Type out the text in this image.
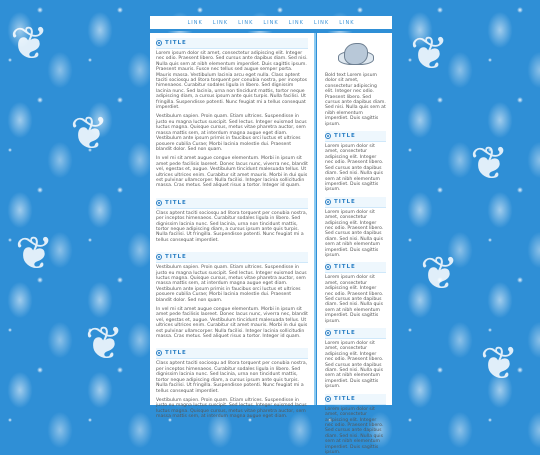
❦
❦
❦
❦
❦
❦
❦
❦
LINK LINK LINK LINK LINK LINK LINK
TITLE

Lorem ipsum dolor sit amet, consectetur adipiscing elit. Integer nec odio. Praesent libero. Sed cursus ante dapibus diam. Sed nisi. Nulla quis sem at nibh elementum imperdiet. Duis sagittis ipsum. Praesent mauris. Fusce nec tellus sed augue semper porta. Mauris massa. Vestibulum lacinia arcu eget nulla. Class aptent taciti sociosqu ad litora torquent per conubia nostra, per inceptos himenaeos. Curabitur sodales ligula in libero. Sed dignissim lacinia nunc. Sed lacinia, urna non tincidunt mattis, tortor neque adipiscing diam, a cursus ipsum ante quis turpis. Nulla facilisi. Ut fringilla. Suspendisse potenti. Nunc feugiat mi a tellus consequat imperdiet.

Vestibulum sapien. Proin quam. Etiam ultrices. Suspendisse in justo eu magna luctus suscipit. Sed lectus. Integer euismod lacus luctus magna. Quisque cursus, metus vitae pharetra auctor, sem massa mattis sem, at interdum magna augue eget diam. Vestibulum ante ipsum primis in faucibus orci luctus et ultrices posuere cubilia Curae; Morbi lacinia molestie dui. Praesent blandit dolor. Sed non quam.

In vel mi sit amet augue congue elementum. Morbi in ipsum sit amet pede facilisis laoreet. Donec lacus nunc, viverra nec, blandit vel, egestas et, augue. Vestibulum tincidunt malesuada tellus. Ut ultrices ultrices enim. Curabitur sit amet mauris. Morbi in dui quis est pulvinar ullamcorper. Nulla facilisi. Integer lacinia sollicitudin massa. Cras metus. Sed aliquet risus a tortor. Integer id quam.

TITLE

Class aptent taciti sociosqu ad litora torquent per conubia nostra, per inceptos himenaeos. Curabitur sodales ligula in libero. Sed dignissim lacinia nunc. Sed lacinia, urna non tincidunt mattis, tortor neque adipiscing diam, a cursus ipsum ante quis turpis. Nulla facilisi. Ut fringilla. Suspendisse potenti. Nunc feugiat mi a tellus consequat imperdiet.

TITLE

Vestibulum sapien. Proin quam. Etiam ultrices. Suspendisse in justo eu magna luctus suscipit. Sed lectus. Integer euismod lacus luctus magna. Quisque cursus, metus vitae pharetra auctor, sem massa mattis sem, at interdum magna augue eget diam. Vestibulum ante ipsum primis in faucibus orci luctus et ultrices posuere cubilia Curae; Morbi lacinia molestie dui. Praesent blandit dolor. Sed non quam.

In vel mi sit amet augue congue elementum. Morbi in ipsum sit amet pede facilisis laoreet. Donec lacus nunc, viverra nec, blandit vel, egestas et, augue. Vestibulum tincidunt malesuada tellus. Ut ultrices ultrices enim. Curabitur sit amet mauris. Morbi in dui quis est pulvinar ullamcorper. Nulla facilisi. Integer lacinia sollicitudin massa. Cras metus. Sed aliquet risus a tortor. Integer id quam.

TITLE

Class aptent taciti sociosqu ad litora torquent per conubia nostra, per inceptos himenaeos. Curabitur sodales ligula in libero. Sed dignissim lacinia nunc. Sed lacinia, urna non tincidunt mattis, tortor neque adipiscing diam, a cursus ipsum ante quis turpis. Nulla facilisi. Ut fringilla. Suspendisse potenti. Nunc feugiat mi a tellus consequat imperdiet.

Vestibulum sapien. Proin quam. Etiam ultrices. Suspendisse in justo eu magna luctus suscipit. Sed lectus. Integer euismod lacus luctus magna. Quisque cursus, metus vitae pharetra auctor, sem massa mattis sem, at interdum magna augue eget diam.

Bold text Lorem ipsum dolor sit amet, consectetur adipiscing elit. Integer nec odio. Praesent libero. Sed cursus ante dapibus diam. Sed nisi. Nulla quis sem at nibh elementum imperdiet. Duis sagittis ipsum.

TITLE

Lorem ipsum dolor sit amet, consectetur adipiscing elit. Integer nec odio. Praesent libero. Sed cursus ante dapibus diam. Sed nisi. Nulla quis sem at nibh elementum imperdiet. Duis sagittis ipsum.

TITLE

Lorem ipsum dolor sit amet, consectetur adipiscing elit. Integer nec odio. Praesent libero. Sed cursus ante dapibus diam. Sed nisi. Nulla quis sem at nibh elementum imperdiet. Duis sagittis ipsum.

TITLE

Lorem ipsum dolor sit amet, consectetur adipiscing elit. Integer nec odio. Praesent libero. Sed cursus ante dapibus diam. Sed nisi. Nulla quis sem at nibh elementum imperdiet. Duis sagittis ipsum.

TITLE

Lorem ipsum dolor sit amet, consectetur adipiscing elit. Integer nec odio. Praesent libero. Sed cursus ante dapibus diam. Sed nisi. Nulla quis sem at nibh elementum imperdiet. Duis sagittis ipsum.

TITLE

Lorem ipsum dolor sit amet, consectetur adipiscing elit. Integer nec odio. Praesent libero. Sed cursus ante dapibus diam. Sed nisi. Nulla quis sem at nibh elementum imperdiet. Duis sagittis ipsum.
